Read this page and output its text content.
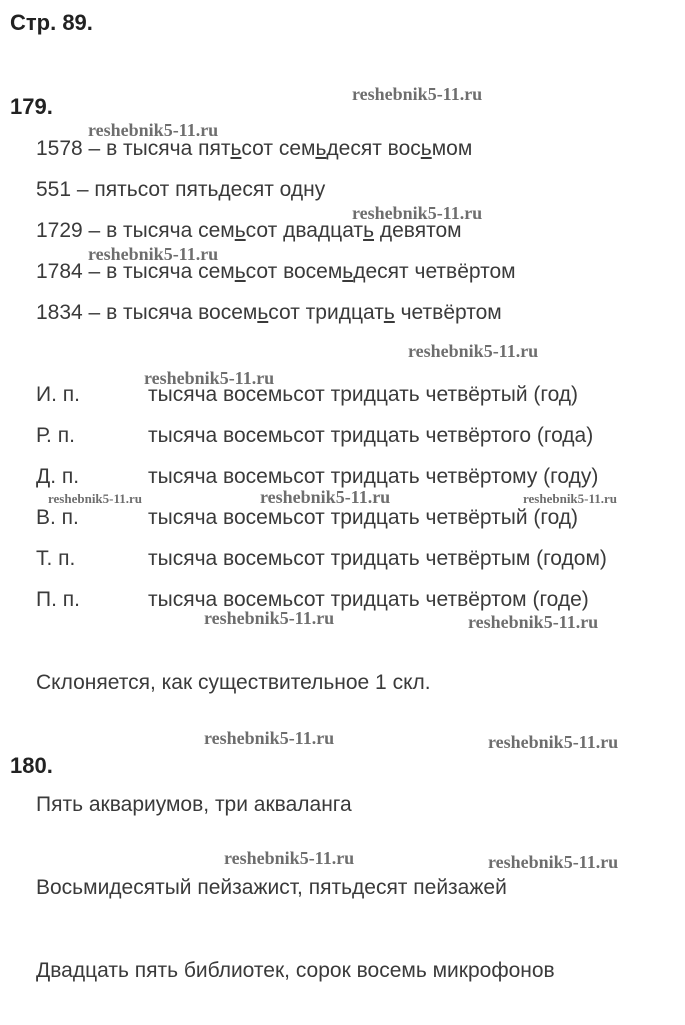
Стр. 89.
179.
1578 – в тысяча пятьсот семьдесят восьмом
551 – пятьсот пятьдесят одну
1729 – в тысяча семьсот двадцать девятом
1784 – в тысяча семьсот восемьдесят четвёртом
1834 – в тысяча восемьсот тридцать четвёртом
И. п.	тысяча восемьсот тридцать четвёртый (год)
Р. п.	тысяча восемьсот тридцать четвёртого (года)
Д. п.	тысяча восемьсот тридцать четвёртому (году)
В. п.	тысяча восемьсот тридцать четвёртый (год)
Т. п.	тысяча восемьсот тридцать четвёртым (годом)
П. п.	тысяча восемьсот тридцать четвёртом (годе)
Склоняется, как существительное 1 скл.
180.
Пять аквариумов, три акваланга
Восьмидесятый пейзажист, пятьдесят пейзажей
Двадцать пять библиотек, сорок восемь микрофонов
reshebnik5-11.ru
reshebnik5-11.ru
reshebnik5-11.ru
reshebnik5-11.ru
reshebnik5-11.ru
reshebnik5-11.ru
reshebnik5-11.ru	reshebnik5-11.ru	reshebnik5-11.ru
reshebnik5-11.ru	reshebnik5-11.ru
reshebnik5-11.ru	reshebnik5-11.ru
reshebnik5-11.ru	reshebnik5-11.ru
